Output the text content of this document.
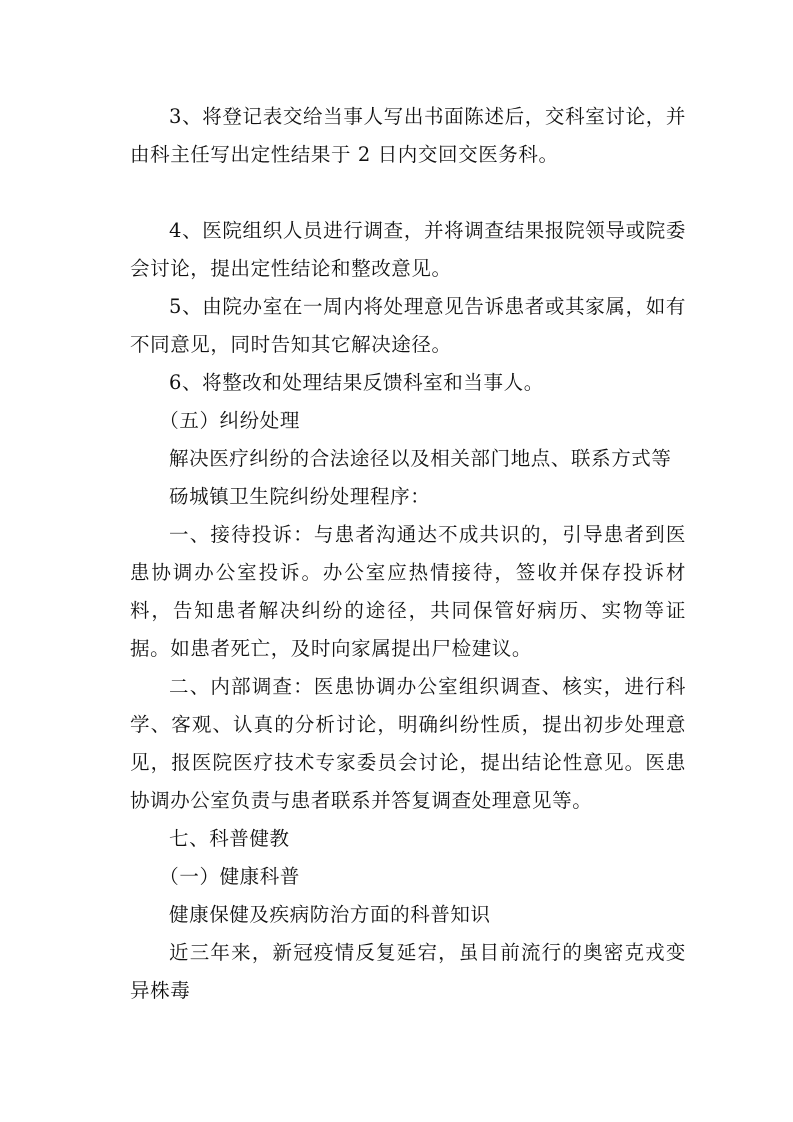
3、将登记表交给当事人写出书面陈述后，交科室讨论，并由科主任写出定性结果于 2 日内交回交医务科。

4、医院组织人员进行调查，并将调查结果报院领导或院委会讨论，提出定性结论和整改意见。

5、由院办室在一周内将处理意见告诉患者或其家属，如有不同意见，同时告知其它解决途径。

6、将整改和处理结果反馈科室和当事人。

（五）纠纷处理

解决医疗纠纷的合法途径以及相关部门地点、联系方式等

砀城镇卫生院纠纷处理程序：

一、接待投诉：与患者沟通达不成共识的，引导患者到医患协调办公室投诉。办公室应热情接待，签收并保存投诉材料，告知患者解决纠纷的途径，共同保管好病历、实物等证据。如患者死亡，及时向家属提出尸检建议。

二、内部调查：医患协调办公室组织调查、核实，进行科学、客观、认真的分析讨论，明确纠纷性质，提出初步处理意见，报医院医疗技术专家委员会讨论，提出结论性意见。医患协调办公室负责与患者联系并答复调查处理意见等。

七、科普健教

（一）健康科普

健康保健及疾病防治方面的科普知识

近三年来，新冠疫情反复延宕，虽目前流行的奥密克戎变异株毒
